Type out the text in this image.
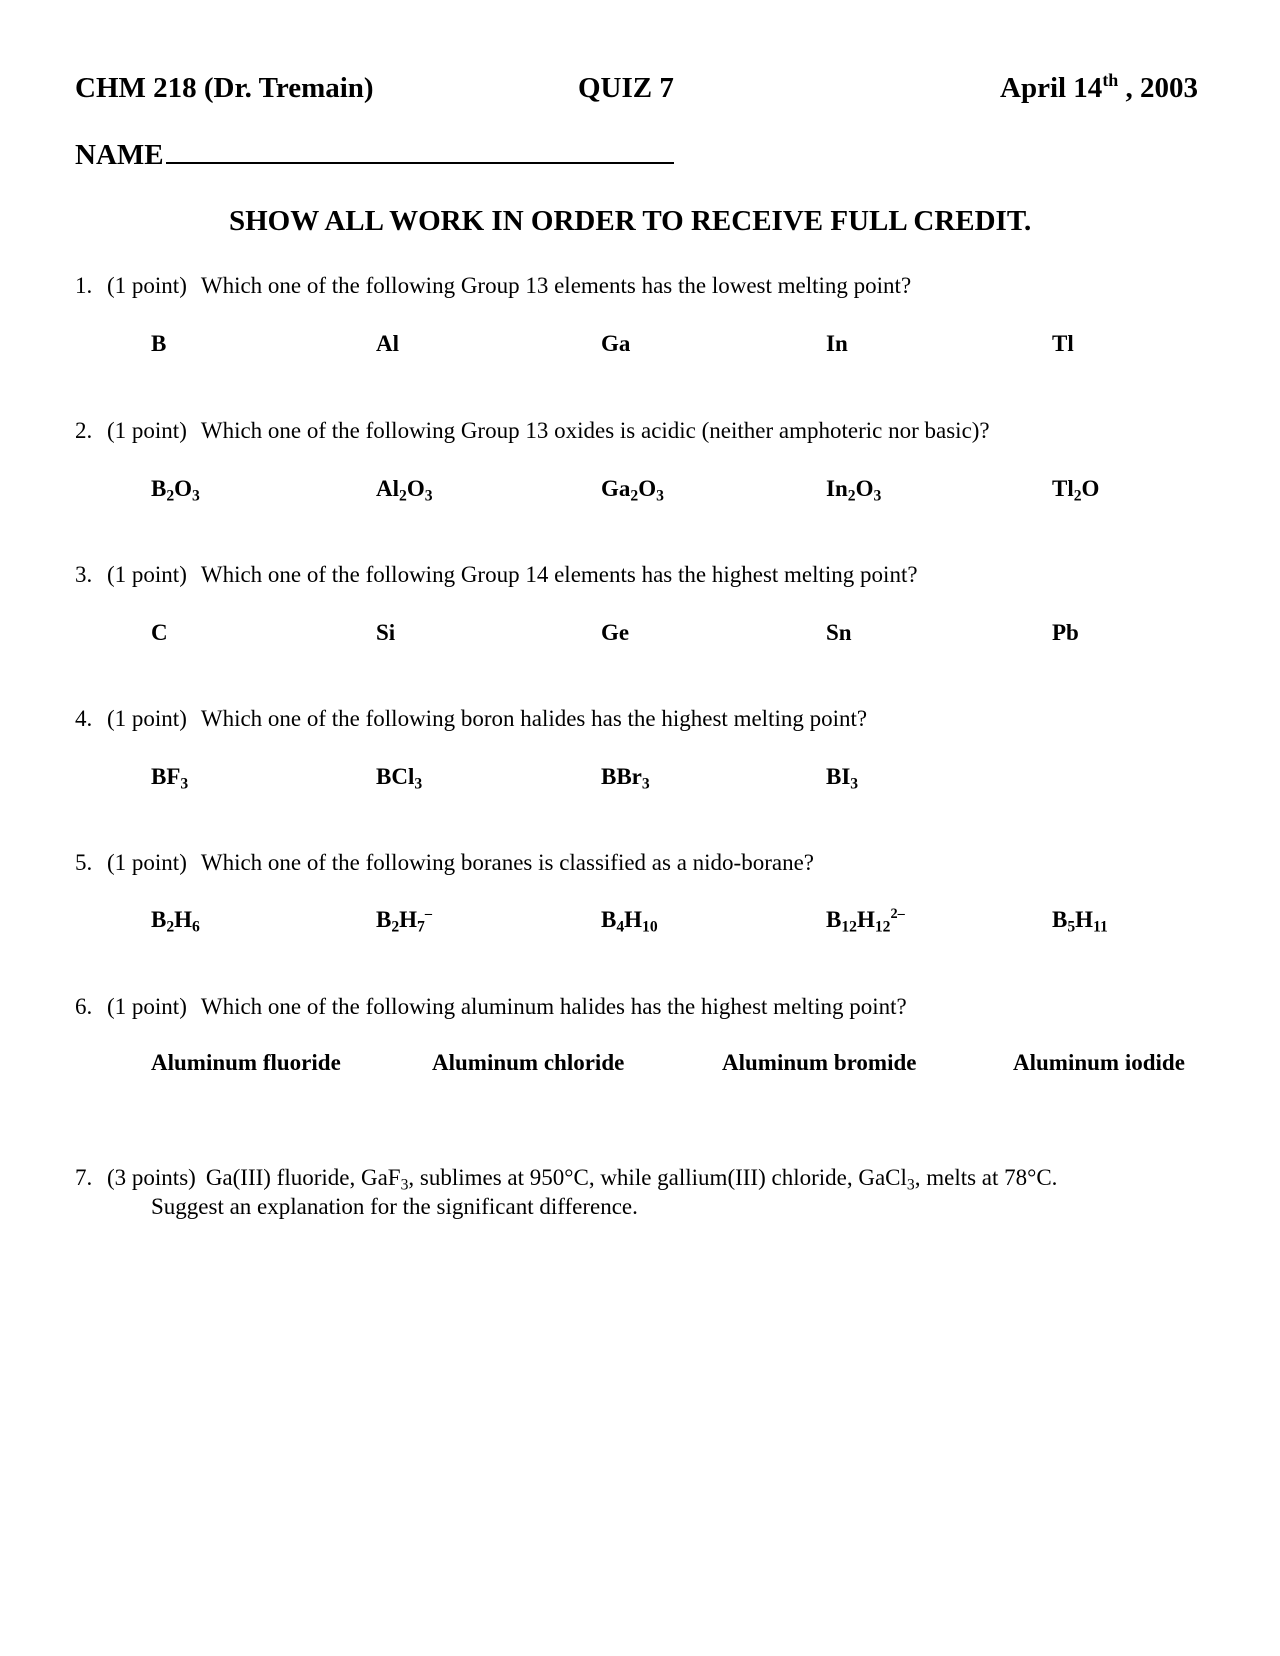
CHM 218 (Dr. Tremain)	QUIZ 7	April 14th , 2003
NAME
SHOW ALL WORK IN ORDER TO RECEIVE FULL CREDIT.
1. (1 point) Which one of the following Group 13 elements has the lowest melting point?
B	Al	Ga	In	Tl
2. (1 point) Which one of the following Group 13 oxides is acidic (neither amphoteric nor basic)?
$B_2O_3$	$Al_2O_3$	$Ga_2O_3$	$In_2O_3$	$Tl_2O$
3. (1 point) Which one of the following Group 14 elements has the highest melting point?
C	Si	Ge	Sn	Pb
4. (1 point) Which one of the following boron halides has the highest melting point?
$BF_3$	BCl$_3$	BBr$_3$	$BI_3$
5. (1 point) Which one of the following boranes is classified as a nido-borane?
$B_2H_6$	$B_2H_7^-$	$B_4H_{10}$	$B_{12}H_{12}^{2-}$	$B_5H_{11}$
6. (1 point) Which one of the following aluminum halides has the highest melting point?
Aluminum fluoride	Aluminum chloride	Aluminum bromide	Aluminum iodide
7. (3 points) Ga(III) fluoride, GaF$_3$, sublimes at 950°C, while gallium(III) chloride, GaCl$_3$, melts at 78°C.
Suggest an explanation for the significant difference.
